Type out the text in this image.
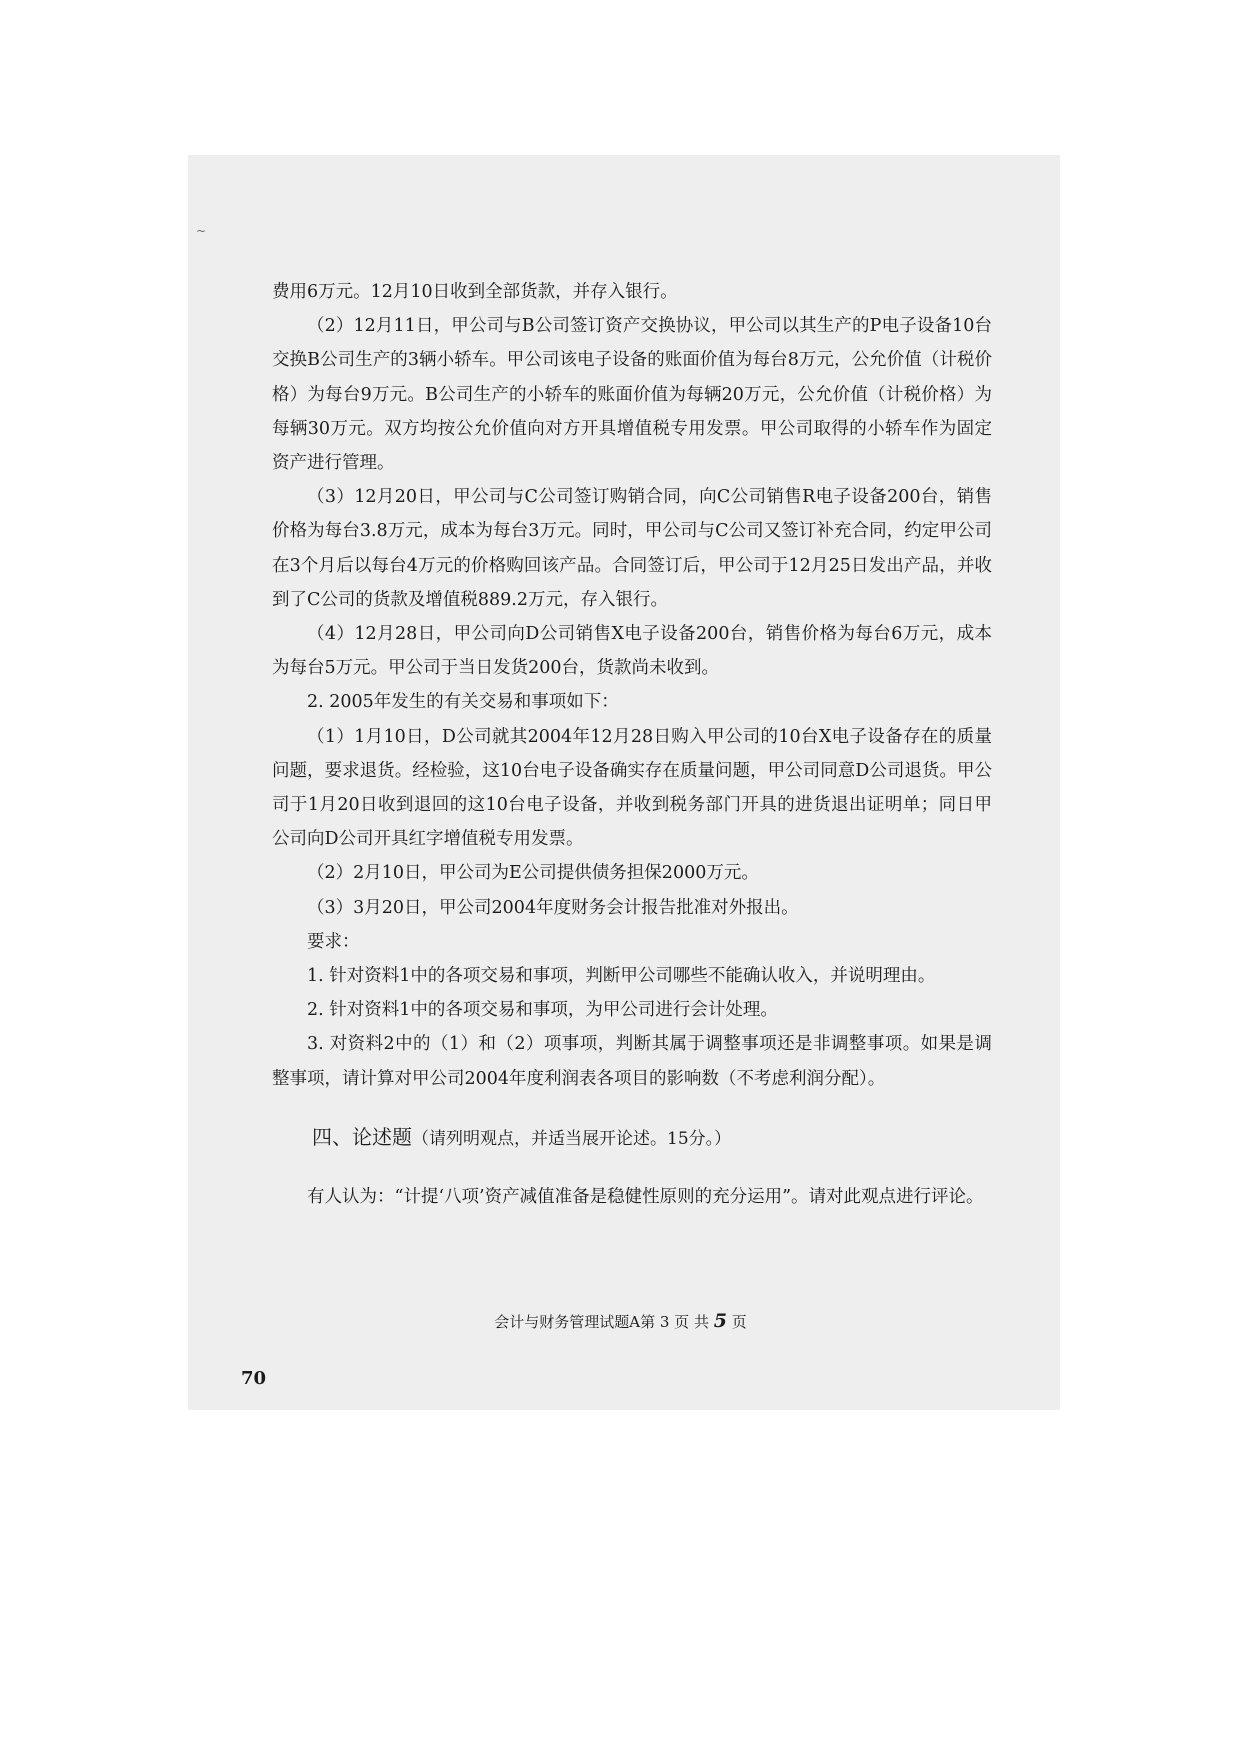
~

费用6万元。12月10日收到全部货款，并存入银行。

（2）12月11日，甲公司与B公司签订资产交换协议，甲公司以其生产的P电子设备10台交换B公司生产的3辆小轿车。甲公司该电子设备的账面价值为每台8万元，公允价值（计税价格）为每台9万元。B公司生产的小轿车的账面价值为每辆20万元，公允价值（计税价格）为每辆30万元。双方均按公允价值向对方开具增值税专用发票。甲公司取得的小轿车作为固定资产进行管理。

（3）12月20日，甲公司与C公司签订购销合同，向C公司销售R电子设备200台，销售价格为每台3.8万元，成本为每台3万元。同时，甲公司与C公司又签订补充合同，约定甲公司在3个月后以每台4万元的价格购回该产品。合同签订后，甲公司于12月25日发出产品，并收到了C公司的货款及增值税889.2万元，存入银行。

（4）12月28日，甲公司向D公司销售X电子设备200台，销售价格为每台6万元，成本为每台5万元。甲公司于当日发货200台，货款尚未收到。

2. 2005年发生的有关交易和事项如下：

（1）1月10日，D公司就其2004年12月28日购入甲公司的10台X电子设备存在的质量问题，要求退货。经检验，这10台电子设备确实存在质量问题，甲公司同意D公司退货。甲公司于1月20日收到退回的这10台电子设备，并收到税务部门开具的进货退出证明单；同日甲公司向D公司开具红字增值税专用发票。

（2）2月10日，甲公司为E公司提供债务担保2000万元。

（3）3月20日，甲公司2004年度财务会计报告批准对外报出。

要求：

1. 针对资料1中的各项交易和事项，判断甲公司哪些不能确认收入，并说明理由。

2. 针对资料1中的各项交易和事项，为甲公司进行会计处理。

3. 对资料2中的（1）和（2）项事项，判断其属于调整事项还是非调整事项。如果是调整事项，请计算对甲公司2004年度利润表各项目的影响数（不考虑利润分配）。

四、论述题（请列明观点，并适当展开论述。15分。）

有人认为：“计提‘八项’资产减值准备是稳健性原则的充分运用”。请对此观点进行评论。

会计与财务管理试题A第 3 页 共 5 页
70
